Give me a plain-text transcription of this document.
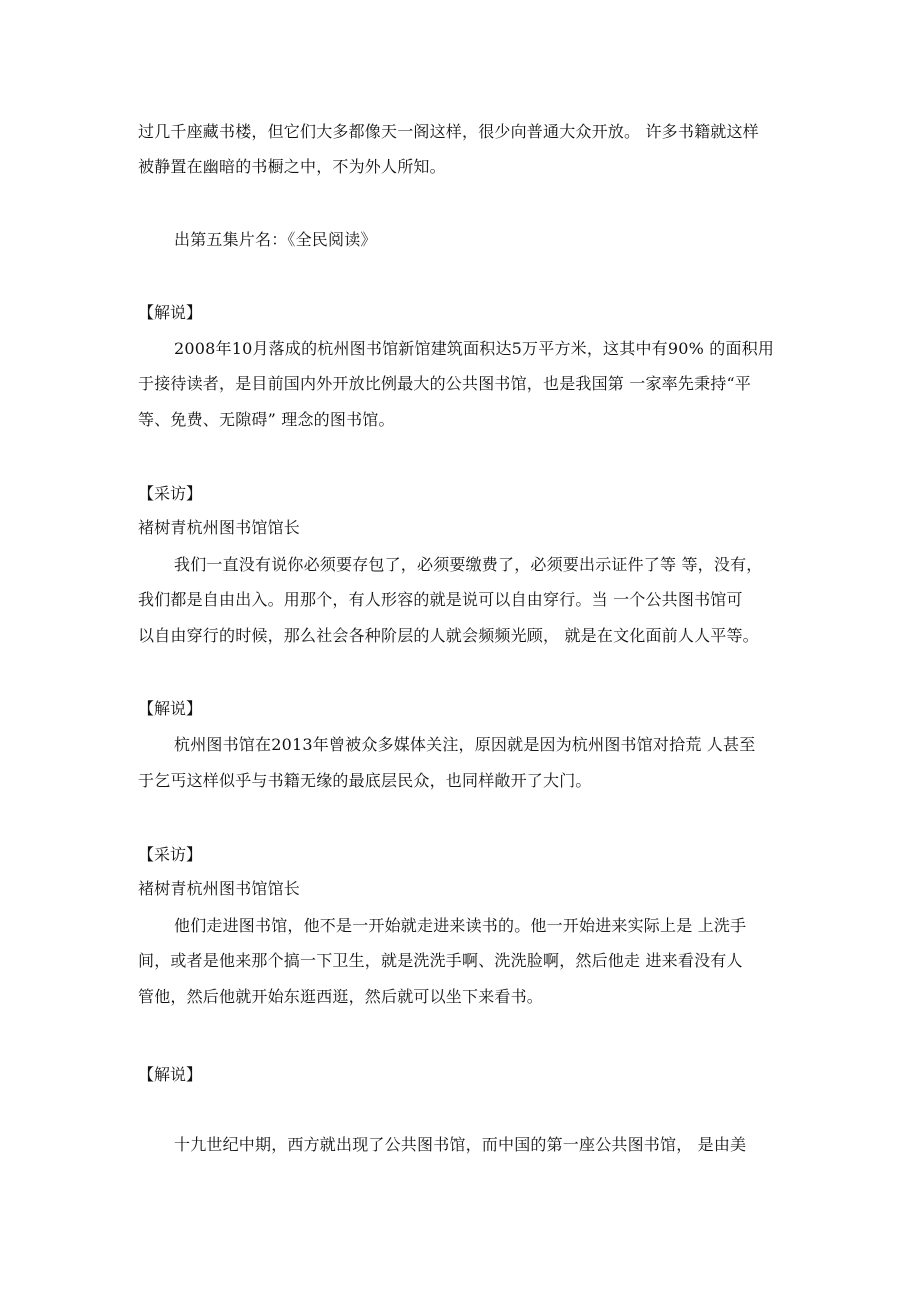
过几千座藏书楼，但它们大多都像天一阁这样，很少向普通大众开放。 许多书籍就这样
被静置在幽暗的书橱之中，不为外人所知。
出第五集片名：《全民阅读》
【解说】
2008年10月落成的杭州图书馆新馆建筑面积达5万平方米，这其中有90% 的面积用
于接待读者，是目前国内外开放比例最大的公共图书馆，也是我国第 一家率先秉持“平
等、免费、无隙碍” 理念的图书馆。
【采访】
褚树青杭州图书馆馆长
我们一直没有说你必须要存包了，必须要缴费了，必须要出示证件了等 等，没有，
我们都是自由出入。用那个，有人形容的就是说可以自由穿行。当 一个公共图书馆可
以自由穿行的时候，那么社会各种阶层的人就会频频光顾， 就是在文化面前人人平等。
【解说】
杭州图书馆在2013年曾被众多媒体关注，原因就是因为杭州图书馆对拾荒 人甚至
于乞丐这样似乎与书籍无缘的最底层民众，也同样敞开了大门。
【采访】
褚树青杭州图书馆馆长
他们走进图书馆，他不是一开始就走进来读书的。他一开始进来实际上是 上洗手
间，或者是他来那个搞一下卫生，就是洗洗手啊、洗洗脸啊，然后他走 进来看没有人
管他，然后他就开始东逛西逛，然后就可以坐下来看书。
【解说】
十九世纪中期，西方就出现了公共图书馆，而中国的第一座公共图书馆， 是由美
